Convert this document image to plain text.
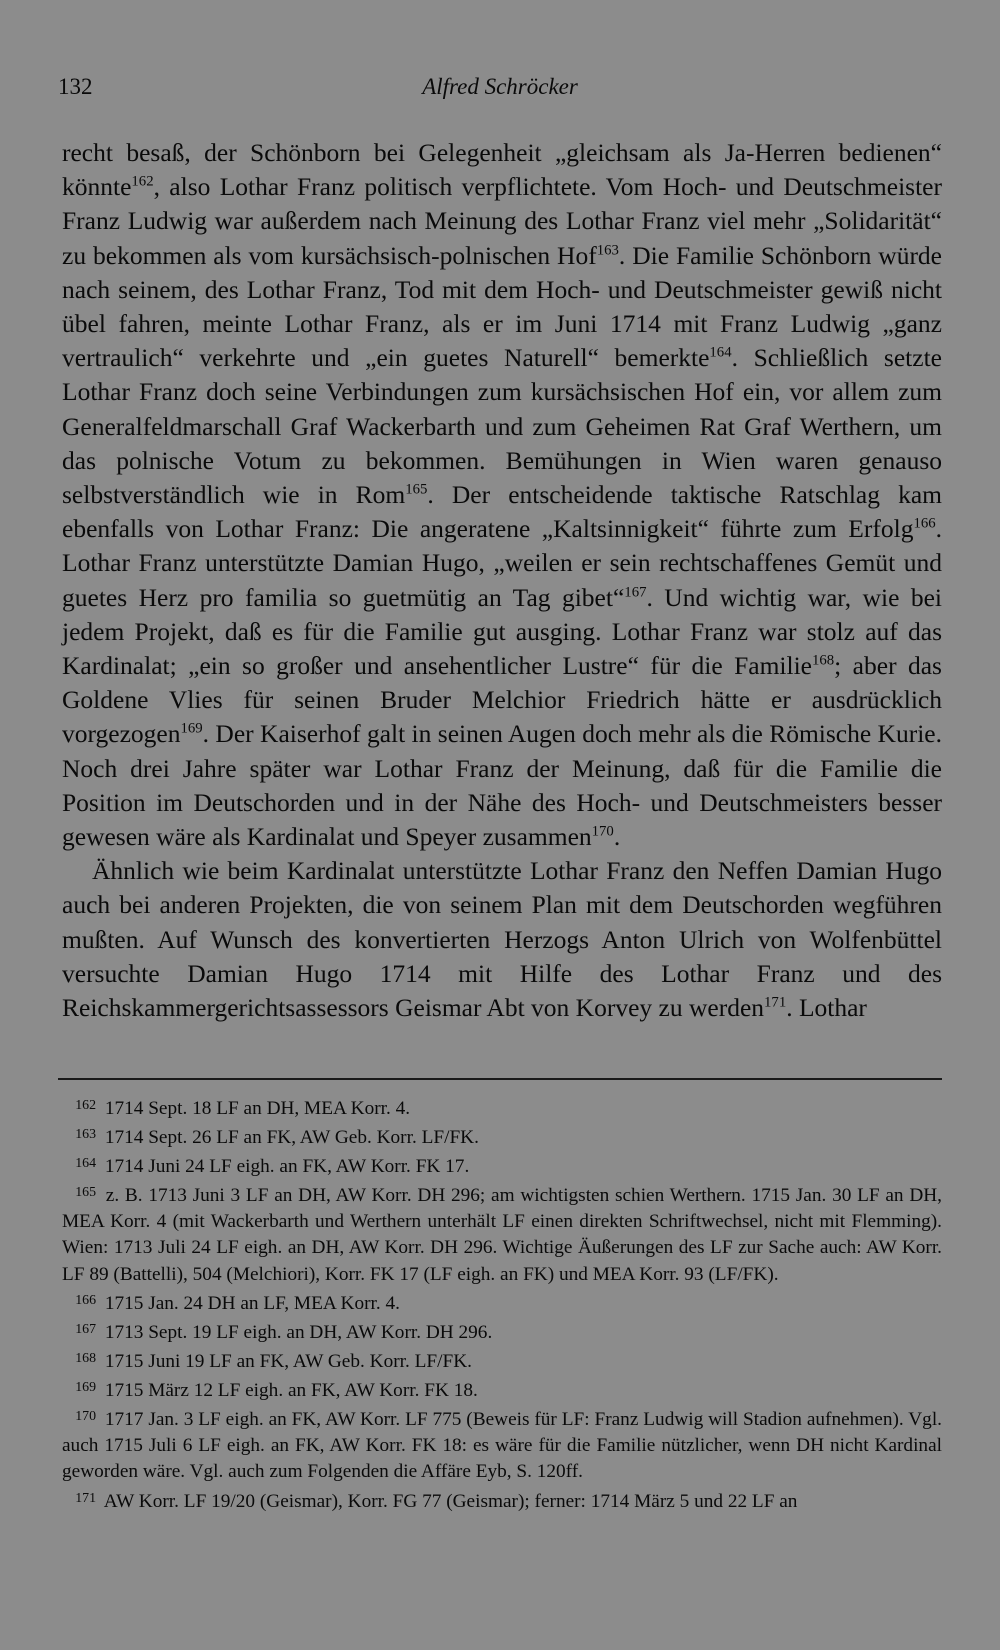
132	Alfred Schröcker

recht besaß, der Schönborn bei Gelegenheit „gleichsam als Ja-Herren bedienen“ könnte$^{162}$, also Lothar Franz politisch verpflichtete. Vom Hoch- und Deutschmeister Franz Ludwig war außerdem nach Meinung des Lothar Franz viel mehr „Solidarität“ zu bekommen als vom kursächsisch-polnischen Hof$^{163}$. Die Familie Schönborn würde nach seinem, des Lothar Franz, Tod mit dem Hoch- und Deutschmeister gewiß nicht übel fahren, meinte Lothar Franz, als er im Juni 1714 mit Franz Ludwig „ganz vertraulich“ verkehrte und „ein guetes Naturell“ bemerkte$^{164}$. Schließlich setzte Lothar Franz doch seine Verbindungen zum kursächsischen Hof ein, vor allem zum Generalfeldmarschall Graf Wackerbarth und zum Geheimen Rat Graf Werthern, um das polnische Votum zu bekommen. Bemühungen in Wien waren genauso selbstverständlich wie in Rom$^{165}$. Der entscheidende taktische Ratschlag kam ebenfalls von Lothar Franz: Die angeratene „Kaltsinnigkeit“ führte zum Erfolg$^{166}$. Lothar Franz unterstützte Damian Hugo, „weilen er sein rechtschaffenes Gemüt und guetes Herz pro familia so guetmütig an Tag gibet“$^{167}$. Und wichtig war, wie bei jedem Projekt, daß es für die Familie gut ausging. Lothar Franz war stolz auf das Kardinalat; „ein so großer und ansehentlicher Lustre“ für die Familie$^{168}$; aber das Goldene Vlies für seinen Bruder Melchior Friedrich hätte er ausdrücklich vorgezogen$^{169}$. Der Kaiserhof galt in seinen Augen doch mehr als die Römische Kurie. Noch drei Jahre später war Lothar Franz der Meinung, daß für die Familie die Position im Deutschorden und in der Nähe des Hoch- und Deutschmeisters besser gewesen wäre als Kardinalat und Speyer zusammen$^{170}$.

Ähnlich wie beim Kardinalat unterstützte Lothar Franz den Neffen Damian Hugo auch bei anderen Projekten, die von seinem Plan mit dem Deutschorden wegführen mußten. Auf Wunsch des konvertierten Herzogs Anton Ulrich von Wolfenbüttel versuchte Damian Hugo 1714 mit Hilfe des Lothar Franz und des Reichskammergerichtsassessors Geismar Abt von Korvey zu werden$^{171}$. Lothar

162 1714 Sept. 18 LF an DH, MEA Korr. 4.
163 1714 Sept. 26 LF an FK, AW Geb. Korr. LF/FK.
164 1714 Juni 24 LF eigh. an FK, AW Korr. FK 17.
165 z. B. 1713 Juni 3 LF an DH, AW Korr. DH 296; am wichtigsten schien Werthern. 1715 Jan. 30 LF an DH, MEA Korr. 4 (mit Wackerbarth und Werthern unterhält LF einen direkten Schriftwechsel, nicht mit Flemming). Wien: 1713 Juli 24 LF eigh. an DH, AW Korr. DH 296. Wichtige Äußerungen des LF zur Sache auch: AW Korr. LF 89 (Battelli), 504 (Melchiori), Korr. FK 17 (LF eigh. an FK) und MEA Korr. 93 (LF/FK).
166 1715 Jan. 24 DH an LF, MEA Korr. 4.
167 1713 Sept. 19 LF eigh. an DH, AW Korr. DH 296.
168 1715 Juni 19 LF an FK, AW Geb. Korr. LF/FK.
169 1715 März 12 LF eigh. an FK, AW Korr. FK 18.
170 1717 Jan. 3 LF eigh. an FK, AW Korr. LF 775 (Beweis für LF: Franz Ludwig will Stadion aufnehmen). Vgl. auch 1715 Juli 6 LF eigh. an FK, AW Korr. FK 18: es wäre für die Familie nützlicher, wenn DH nicht Kardinal geworden wäre. Vgl. auch zum Folgenden die Affäre Eyb, S. 120ff.
171 AW Korr. LF 19/20 (Geismar), Korr. FG 77 (Geismar); ferner: 1714 März 5 und 22 LF an
